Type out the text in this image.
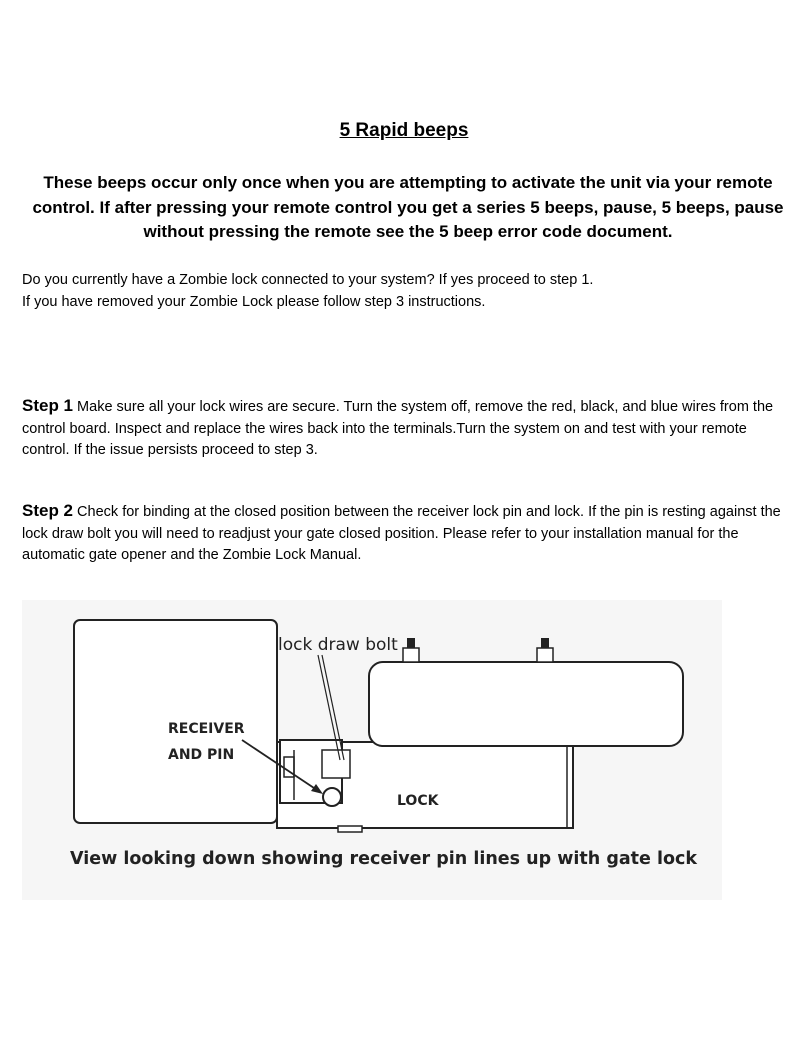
5 Rapid beeps

These beeps occur only once when you are attempting to activate the unit via your remote control. If after pressing your remote control you get a series 5 beeps, pause, 5 beeps, pause without pressing the remote see the 5 beep error code document.

Do you currently have a Zombie lock connected to your system? If yes proceed to step 1.

If you have removed your Zombie Lock please follow step 3 instructions.

Step 1 Make sure all your lock wires are secure. Turn the system off, remove the red, black, and blue wires from the control board. Inspect and replace the wires back into the terminals.Turn the system on and test with your remote control. If the issue persists proceed to step 3.

Step 2 Check for binding at the closed position between the receiver lock pin and lock. If the pin is resting against the lock draw bolt you will need to readjust your gate closed position. Please refer to your installation manual for the automatic gate opener and the Zombie Lock Manual.

lock draw bolt
RECEIVER
AND PIN
LOCK
View looking down showing receiver pin lines up with gate lock
